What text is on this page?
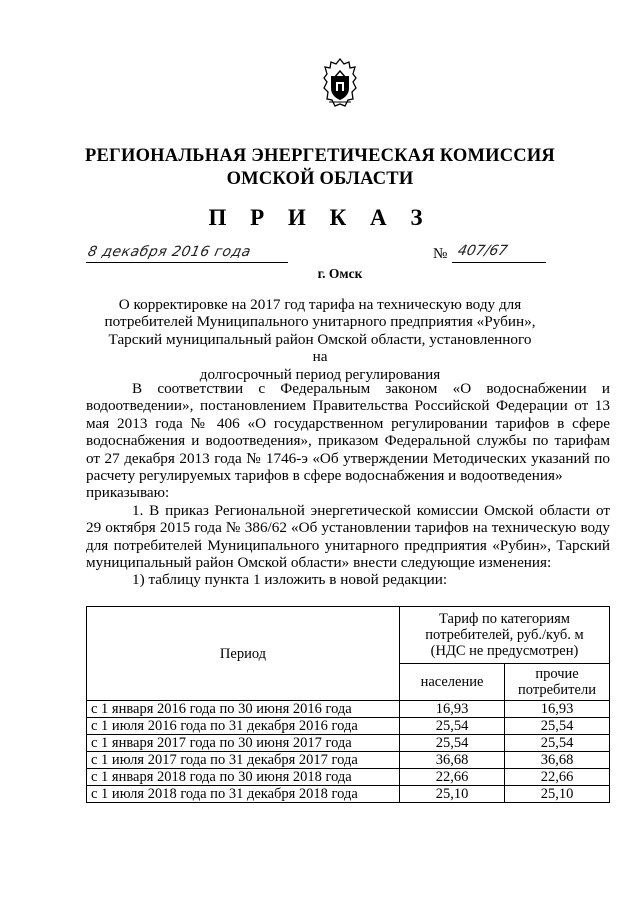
РЕГИОНАЛЬНАЯ ЭНЕРГЕТИЧЕСКАЯ КОМИССИЯ
ОМСКОЙ ОБЛАСТИ
П Р И К А З
8 декабря 2016 года	№ 407/67
г. Омск
О корректировке на 2017 год тарифа на техническую воду для
потребителей Муниципального унитарного предприятия «Рубин»,
Тарский муниципальный район Омской области, установленного на
долгосрочный период регулирования

В соответствии с Федеральным законом «О водоснабжении и водоотведении», постановлением Правительства Российской Федерации от 13 мая 2013 года № 406 «О государственном регулировании тарифов в сфере водоснабжения и водоотведения», приказом Федеральной службы по тарифам от 27 декабря 2013 года № 1746-э «Об утверждении Методических указаний по расчету регулируемых тарифов в сфере водоснабжения и водоотведения»

приказываю:

1. В приказ Региональной энергетической комиссии Омской области от 29 октября 2015 года № 386/62 «Об установлении тарифов на техническую воду для потребителей Муниципального унитарного предприятия «Рубин», Тарский муниципальный район Омской области» внести следующие изменения:

1) таблицу пункта 1 изложить в новой редакции:

Период	Тариф по категориям
потребителей, руб./куб. м
(НДС не предусмотрен)	

	население	прочие
потребители

с 1 января 2016 года по 30 июня 2016 года	16,93	16,93
с 1 июля 2016 года по 31 декабря 2016 года	25,54	25,54
с 1 января 2017 года по 30 июня 2017 года	25,54	25,54
с 1 июля 2017 года по 31 декабря 2017 года	36,68	36,68
с 1 января 2018 года по 30 июня 2018 года	22,66	22,66
с 1 июля 2018 года по 31 декабря 2018 года	25,10	25,10
